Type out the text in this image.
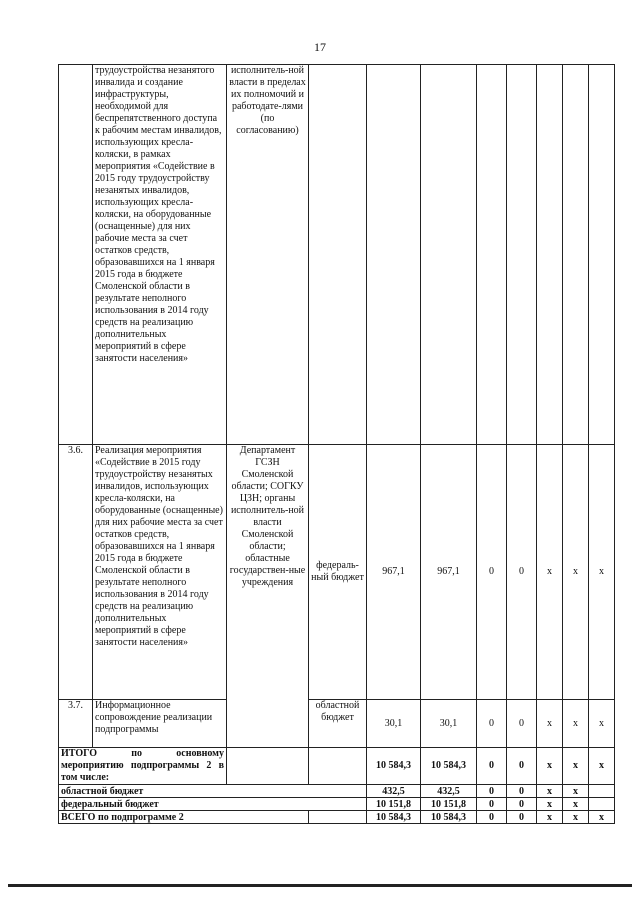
17
	трудоустройства незанятого инвалида и создание инфраструктуры, необходимой для беспрепятственного доступа к рабочим местам инвалидов, использующих кресла-коляски, в рамках мероприятия «Содействие в 2015 году трудоустройству незанятых инвалидов, использующих кресла-коляски, на оборудованные (оснащенные) для них рабочие места за счет остатков средств, образовавшихся на 1 января 2015 года в бюджете Смоленской области в результате неполного использования в 2014 году средств на реализацию дополнительных мероприятий в сфере занятости населения»	исполнитель-ной власти в пределах их полномочий и работодате-лями (по согласованию)								
3.6.	Реализация мероприятия «Содействие в 2015 году трудоустройству незанятых инвалидов, использующих кресла-коляски, на оборудованные (оснащенные) для них рабочие места за счет остатков средств, образовавшихся на 1 января 2015 года в бюджете Смоленской области в результате неполного использования в 2014 году средств на реализацию дополнительных мероприятий в сфере занятости населения»	Департамент ГСЗН Смоленской области; СОГКУ ЦЗН; органы исполнитель-ной власти Смоленской области; областные государствен-ные учреждения	федераль-ный бюджет	967,1	967,1	0	0	x	x	x
3.7.	Информационное сопровождение реализации подпрограммы		областной бюджет	30,1	30,1	0	0	x	x	x
ИТОГО по основному мероприятию подпрограммы 2 в том числе:				10 584,3	10 584,3	0	0	x	x	x
областной бюджет				432,5	432,5	0	0	x	x	
федеральный бюджет				10 151,8	10 151,8	0	0	x	x	
ВСЕГО по подпрограмме 2				10 584,3	10 584,3	0	0	x	x	x
